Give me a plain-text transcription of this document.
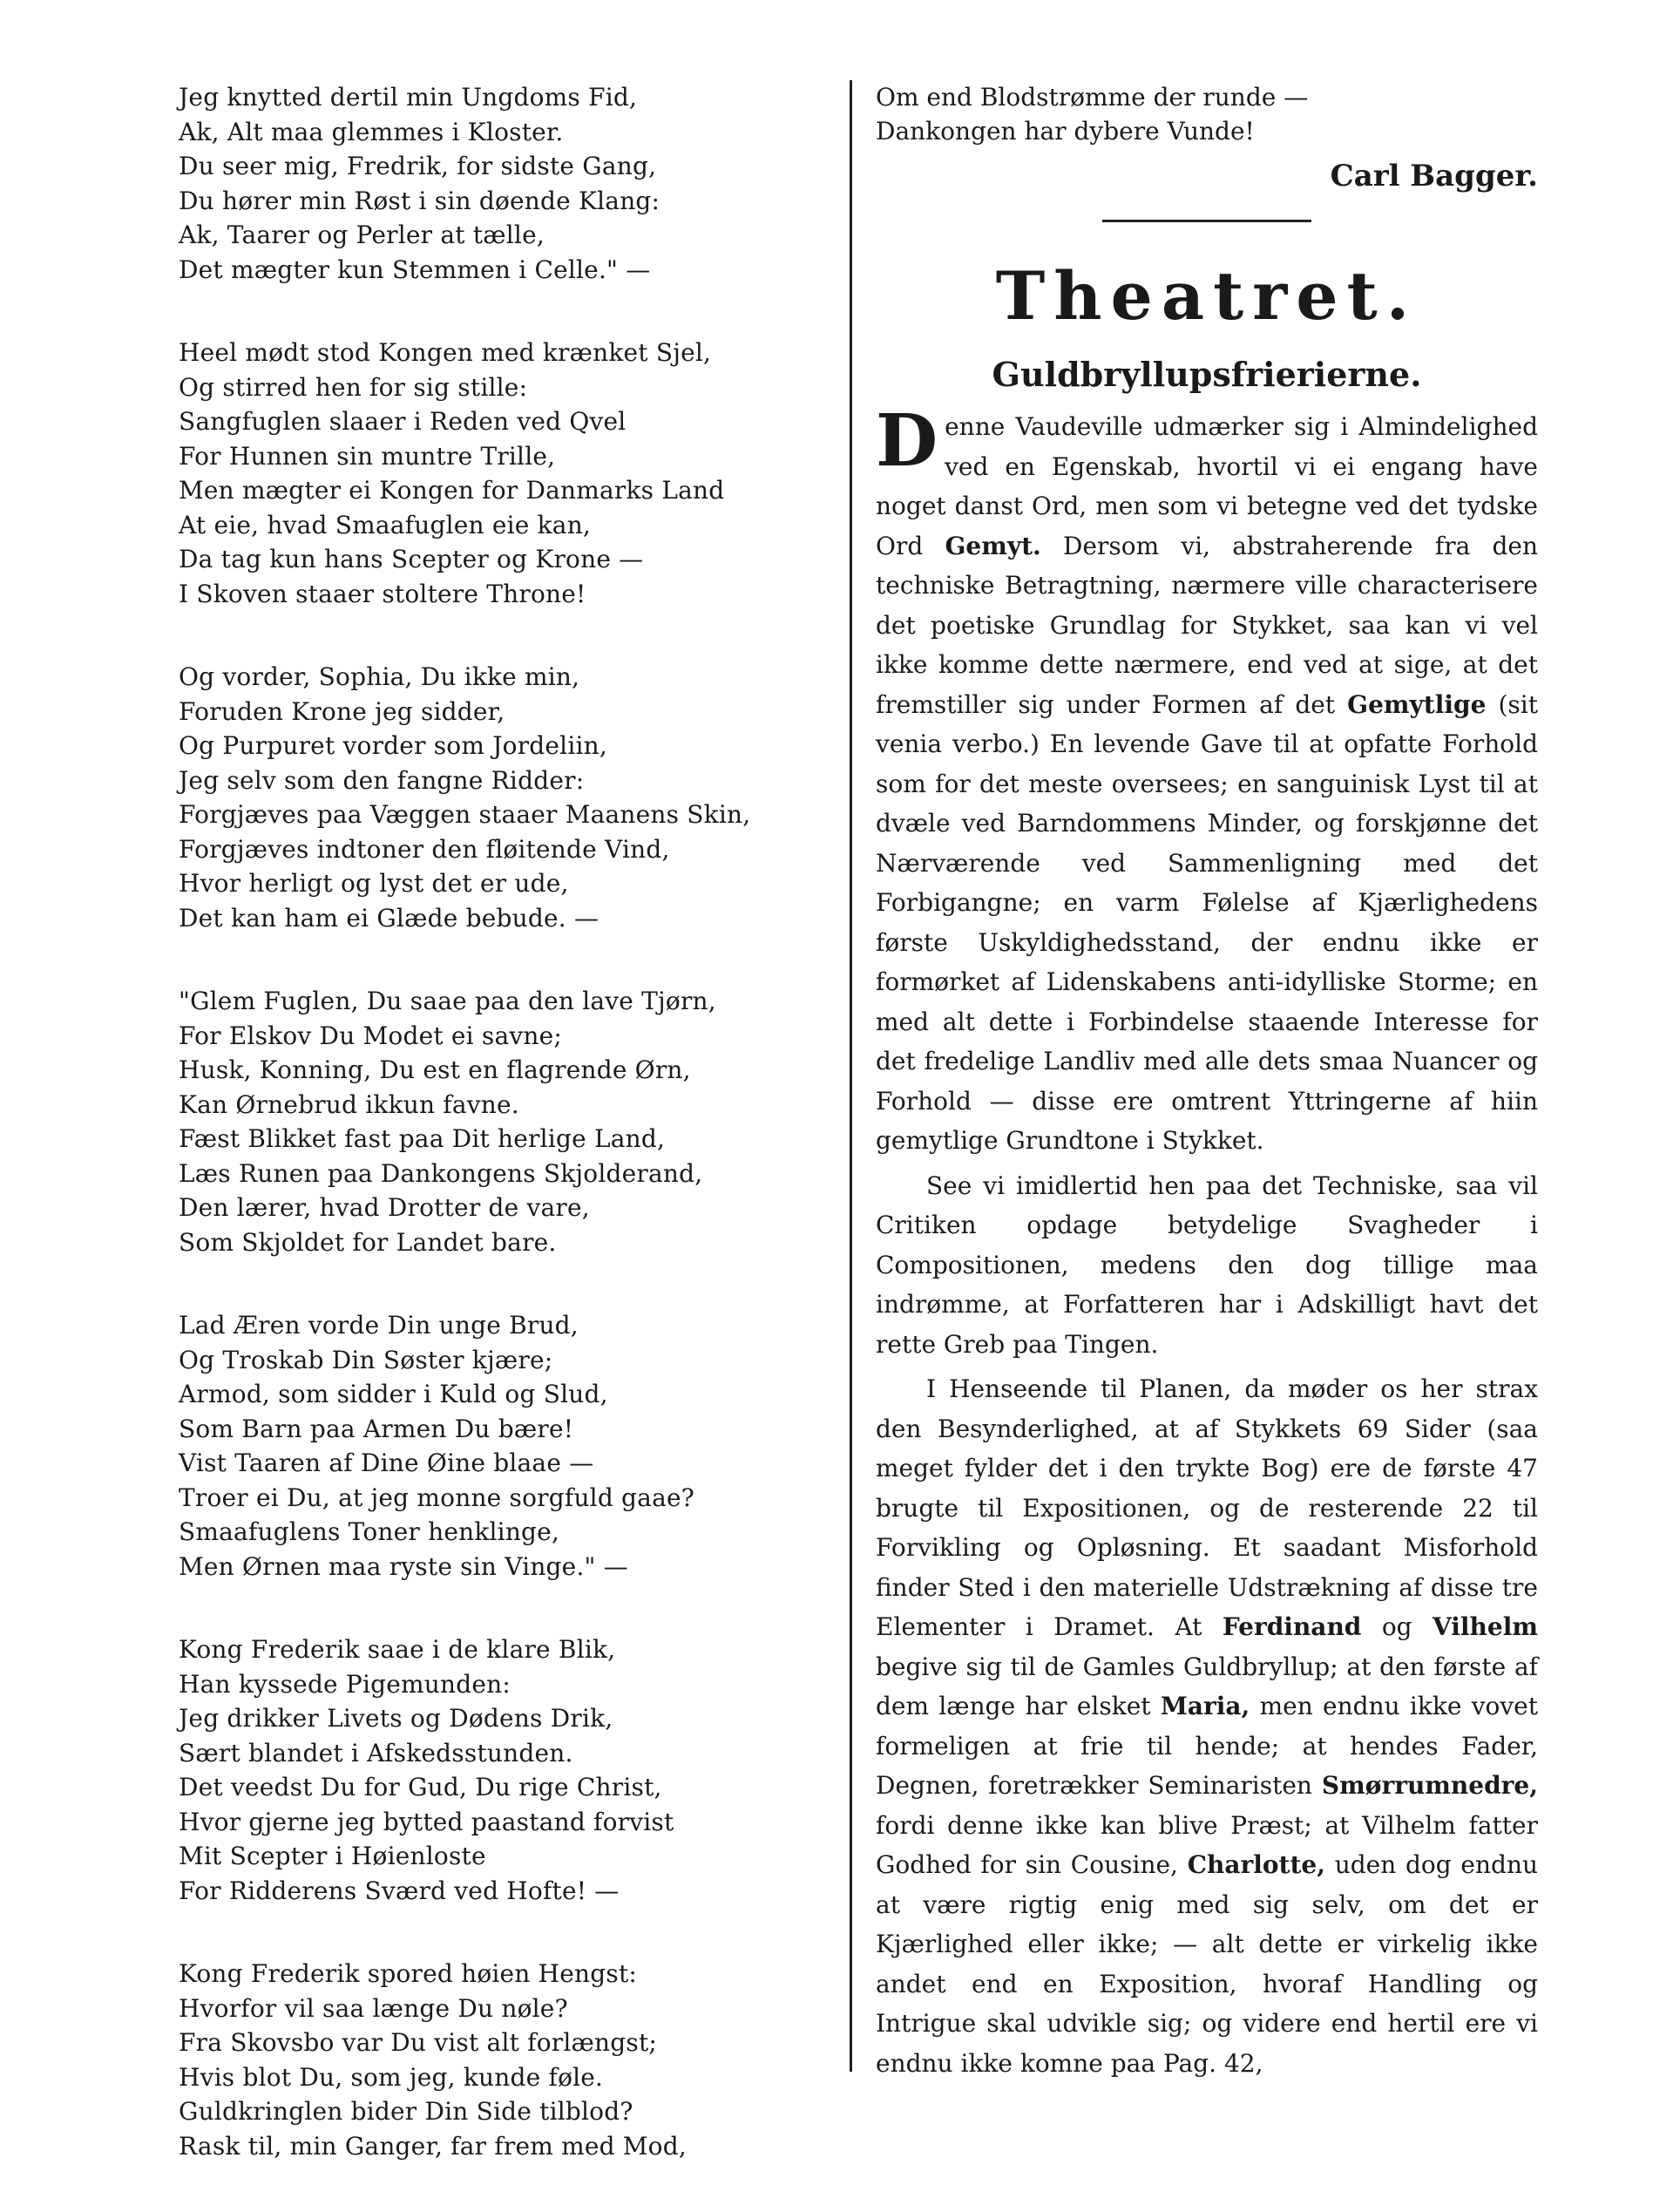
Jeg knytted dertil min Ungdoms Fid,
Ak, Alt maa glemmes i Kloster.
Du seer mig, Fredrik, for sidste Gang,
Du hører min Røst i sin døende Klang:
Ak, Taarer og Perler at tælle,
Det mægter kun Stemmen i Celle." —
Heel mødt stod Kongen med krænket Sjel,
Og stirred hen for sig stille:
Sangfuglen slaaer i Reden ved Qvel
For Hunnen sin muntre Trille,
Men mægter ei Kongen for Danmarks Land
At eie, hvad Smaafuglen eie kan,
Da tag kun hans Scepter og Krone —
I Skoven staaer stoltere Throne!
Og vorder, Sophia, Du ikke min,
Foruden Krone jeg sidder,
Og Purpuret vorder som Jordeliin,
Jeg selv som den fangne Ridder:
Forgjæves paa Væggen staaer Maanens Skin,
Forgjæves indtoner den fløitende Vind,
Hvor herligt og lyst det er ude,
Det kan ham ei Glæde bebude. —
"Glem Fuglen, Du saae paa den lave Tjørn,
For Elskov Du Modet ei savne;
Husk, Konning, Du est en flagrende Ørn,
Kan Ørnebrud ikkun favne.
Fæst Blikket fast paa Dit herlige Land,
Læs Runen paa Dankongens Skjolderand,
Den lærer, hvad Drotter de vare,
Som Skjoldet for Landet bare.
Lad Æren vorde Din unge Brud,
Og Troskab Din Søster kjære;
Armod, som sidder i Kuld og Slud,
Som Barn paa Armen Du bære!
Vist Taaren af Dine Øine blaae —
Troer ei Du, at jeg monne sorgfuld gaae?
Smaafuglens Toner henklinge,
Men Ørnen maa ryste sin Vinge." —
Kong Frederik saae i de klare Blik,
Han kyssede Pigemunden:
Jeg drikker Livets og Dødens Drik,
Sært blandet i Afskedsstunden.
Det veedst Du for Gud, Du rige Christ,
Hvor gjerne jeg bytted paastand forvist
Mit Scepter i Høienloste
For Ridderens Sværd ved Hofte! —
Kong Frederik spored høien Hengst:
Hvorfor vil saa længe Du nøle?
Fra Skovsbo var Du vist alt forlængst;
Hvis blot Du, som jeg, kunde føle.
Guldkringlen bider Din Side tilblod?
Rask til, min Ganger, far frem med Mod,
Om end Blodstrømme der runde —
Dankongen har dybere Vunde!
Carl Bagger.
Theatret.
Guldbryllupsfrierierne.

Denne Vaudeville udmærker sig i Almindelighed ved en Egenskab, hvortil vi ei engang have noget danst Ord, men som vi betegne ved det tydske Ord Gemyt. Dersom vi, abstraherende fra den techniske Betragtning, nærmere ville characterisere det poetiske Grundlag for Stykket, saa kan vi vel ikke komme dette nærmere, end ved at sige, at det fremstiller sig under Formen af det Gemytlige (sit venia verbo.) En levende Gave til at opfatte Forhold som for det meste oversees; en sanguinisk Lyst til at dvæle ved Barndommens Minder, og forskjønne det Nærværende ved Sammenligning med det Forbigangne; en varm Følelse af Kjærlighedens første Uskyldighedsstand, der endnu ikke er formørket af Lidenskabens anti-idylliske Storme; en med alt dette i Forbindelse staaende Interesse for det fredelige Landliv med alle dets smaa Nuancer og Forhold — disse ere omtrent Yttringerne af hiin gemytlige Grundtone i Stykket.

See vi imidlertid hen paa det Techniske, saa vil Critiken opdage betydelige Svagheder i Compositionen, medens den dog tillige maa indrømme, at Forfatteren har i Adskilligt havt det rette Greb paa Tingen.

I Henseende til Planen, da møder os her strax den Besynderlighed, at af Stykkets 69 Sider (saa meget fylder det i den trykte Bog) ere de første 47 brugte til Expositionen, og de resterende 22 til Forvikling og Opløsning. Et saadant Misforhold finder Sted i den materielle Udstrækning af disse tre Elementer i Dramet. At Ferdinand og Vilhelm begive sig til de Gamles Guldbryllup; at den første af dem længe har elsket Maria, men endnu ikke vovet formeligen at frie til hende; at hendes Fader, Degnen, foretrækker Seminaristen Smørrumnedre, fordi denne ikke kan blive Præst; at Vilhelm fatter Godhed for sin Cousine, Charlotte, uden dog endnu at være rigtig enig med sig selv, om det er Kjærlighed eller ikke; — alt dette er virkelig ikke andet end en Exposition, hvoraf Handling og Intrigue skal udvikle sig; og videre end hertil ere vi endnu ikke komne paa Pag. 42,
